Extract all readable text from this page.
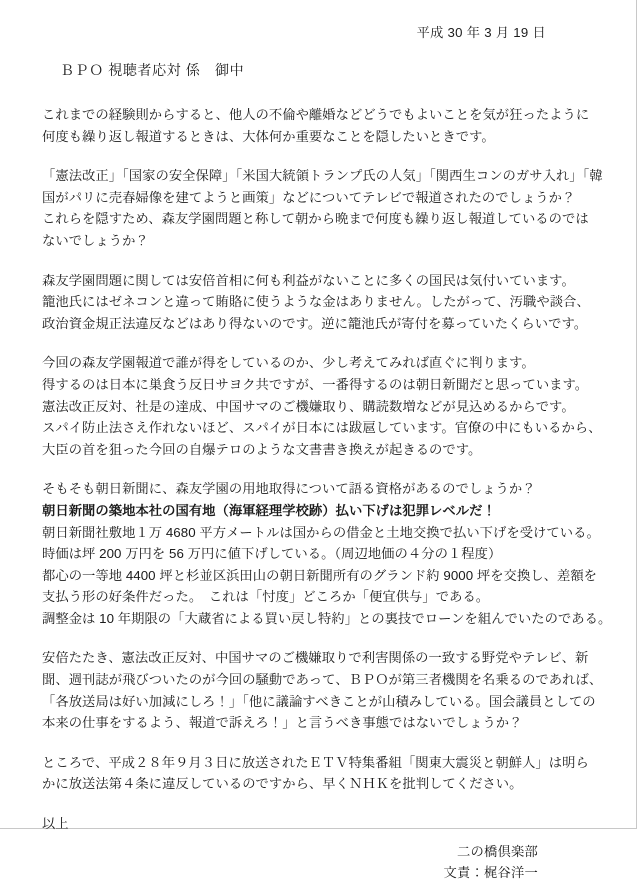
平成 30 年 3 月 19 日
ＢＰＯ 視聴者応対 係　御中

これまでの経験則からすると、他人の不倫や離婚などどうでもよいことを気が狂ったように
何度も繰り返し報道するときは、大体何か重要なことを隠したいときです。

「憲法改正」「国家の安全保障」「米国大統領トランプ氏の人気」「関西生コンのガサ入れ」「韓
国がパリに売春婦像を建てようと画策」などについてテレビで報道されたのでしょうか？
これらを隠すため、森友学園問題と称して朝から晩まで何度も繰り返し報道しているのでは
ないでしょうか？

森友学園問題に関しては安倍首相に何も利益がないことに多くの国民は気付いています。
籠池氏にはゼネコンと違って賄賂に使うような金はありません。したがって、汚職や談合、
政治資金規正法違反などはあり得ないのです。逆に籠池氏が寄付を募っていたくらいです。

今回の森友学園報道で誰が得をしているのか、少し考えてみれば直ぐに判ります。
得するのは日本に巣食う反日サヨク共ですが、一番得するのは朝日新聞だと思っています。
憲法改正反対、社是の達成、中国サマのご機嫌取り、購読数増などが見込めるからです。
スパイ防止法さえ作れないほど、スパイが日本には跋扈しています。官僚の中にもいるから、
大臣の首を狙った今回の自爆テロのような文書書き換えが起きるのです。

そもそも朝日新聞に、森友学園の用地取得について語る資格があるのでしょうか？
朝日新聞の築地本社の国有地（海軍経理学校跡）払い下げは犯罪レベルだ！
朝日新聞社敷地１万 4680 平方メートルは国からの借金と土地交換で払い下げを受けている。
時価は坪 200 万円を 56 万円に値下げしている。（周辺地価の４分の１程度）
都心の一等地 4400 坪と杉並区浜田山の朝日新聞所有のグランド約 9000 坪を交換し、差額を
支払う形の好条件だった。　これは「忖度」どころか「便宜供与」である。
調整金は 10 年期限の「大蔵省による買い戻し特約」との裏技でローンを組んでいたのである。

安倍たたき、憲法改正反対、中国サマのご機嫌取りで利害関係の一致する野党やテレビ、新
聞、週刊誌が飛びついたのが今回の騒動であって、ＢＰＯが第三者機関を名乗るのであれば、
「各放送局は好い加減にしろ！」「他に議論すべきことが山積みしている。国会議員としての
本来の仕事をするよう、報道で訴えろ！」と言うべき事態ではないでしょうか？

ところで、平成２８年９月３日に放送されたＥＴＶ特集番組「関東大震災と朝鮮人」は明ら
かに放送法第４条に違反しているのですから、早くＮＨＫを批判してください。

以上
二の橋倶楽部
文責：梶谷洋一
